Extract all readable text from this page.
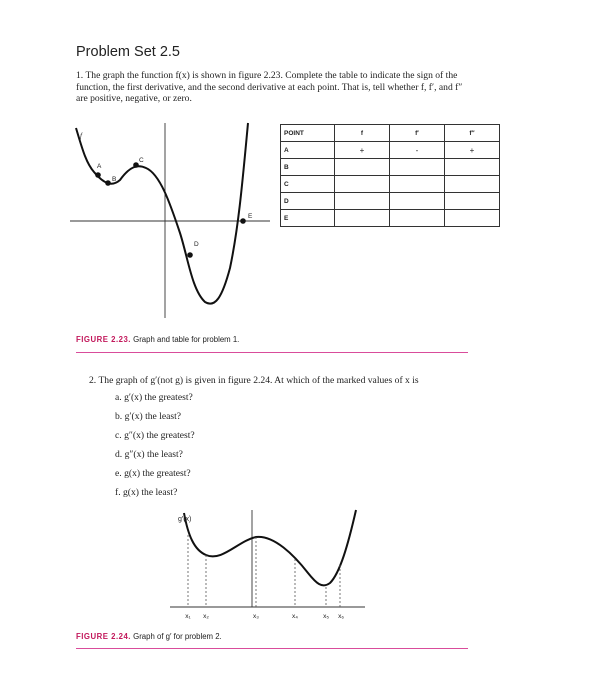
Problem Set 2.5
1. The graph the function f(x) is shown in figure 2.23. Complete the table to indicate the sign of the function, the first derivative, and the second derivative at each point. That is, tell whether f, f′, and f″ are positive, negative, or zero.
f
A
B
C
D
E
POINT	f	f′	f″
A	+	-	+
B			
C			
D			
E			
FIGURE 2.23. Graph and table for problem 1.
2. The graph of g′(not g) is given in figure 2.24. At which of the marked values of x is
a. g′(x) the greatest?
b. g′(x) the least?
c. g″(x) the greatest?
d. g″(x) the least?
e. g(x) the greatest?
f. g(x) the least?
g′(x)
x₁ x₂	x₃	x₄	x₅ x₆
FIGURE 2.24. Graph of g′ for problem 2.
